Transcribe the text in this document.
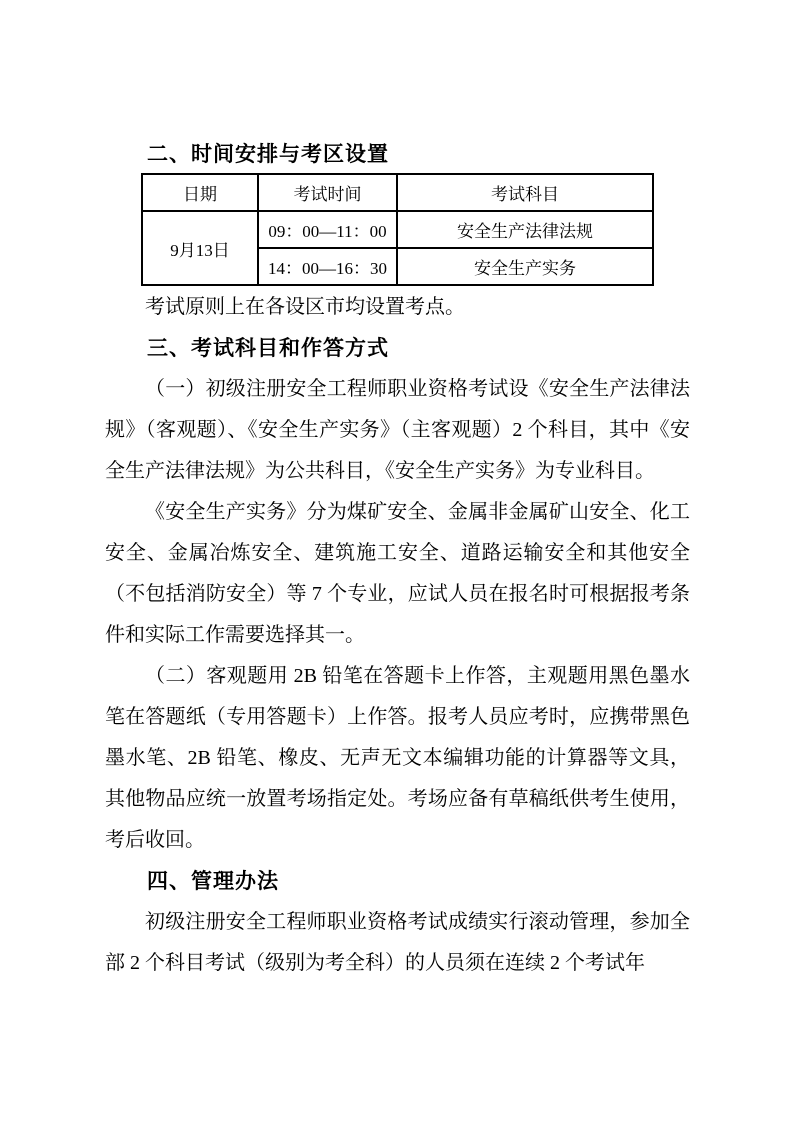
二、时间安排与考区设置
日期	考试时间	考试科目
9月13日	09：00—11：00	安全生产法律法规
	14：00—16：30	安全生产实务

考试原则上在各设区市均设置考点。

三、考试科目和作答方式

（一）初级注册安全工程师职业资格考试设《安全生产法律法规》（客观题）、《安全生产实务》（主客观题）2 个科目，其中《安全生产法律法规》为公共科目，《安全生产实务》为专业科目。

《安全生产实务》分为煤矿安全、金属非金属矿山安全、化工安全、金属冶炼安全、建筑施工安全、道路运输安全和其他安全（不包括消防安全）等 7 个专业，应试人员在报名时可根据报考条件和实际工作需要选择其一。

（二）客观题用 2B 铅笔在答题卡上作答，主观题用黑色墨水笔在答题纸（专用答题卡）上作答。报考人员应考时，应携带黑色墨水笔、2B 铅笔、橡皮、无声无文本编辑功能的计算器等文具，其他物品应统一放置考场指定处。考场应备有草稿纸供考生使用，考后收回。

四、管理办法

初级注册安全工程师职业资格考试成绩实行滚动管理，参加全部 2 个科目考试（级别为考全科）的人员须在连续 2 个考试年
